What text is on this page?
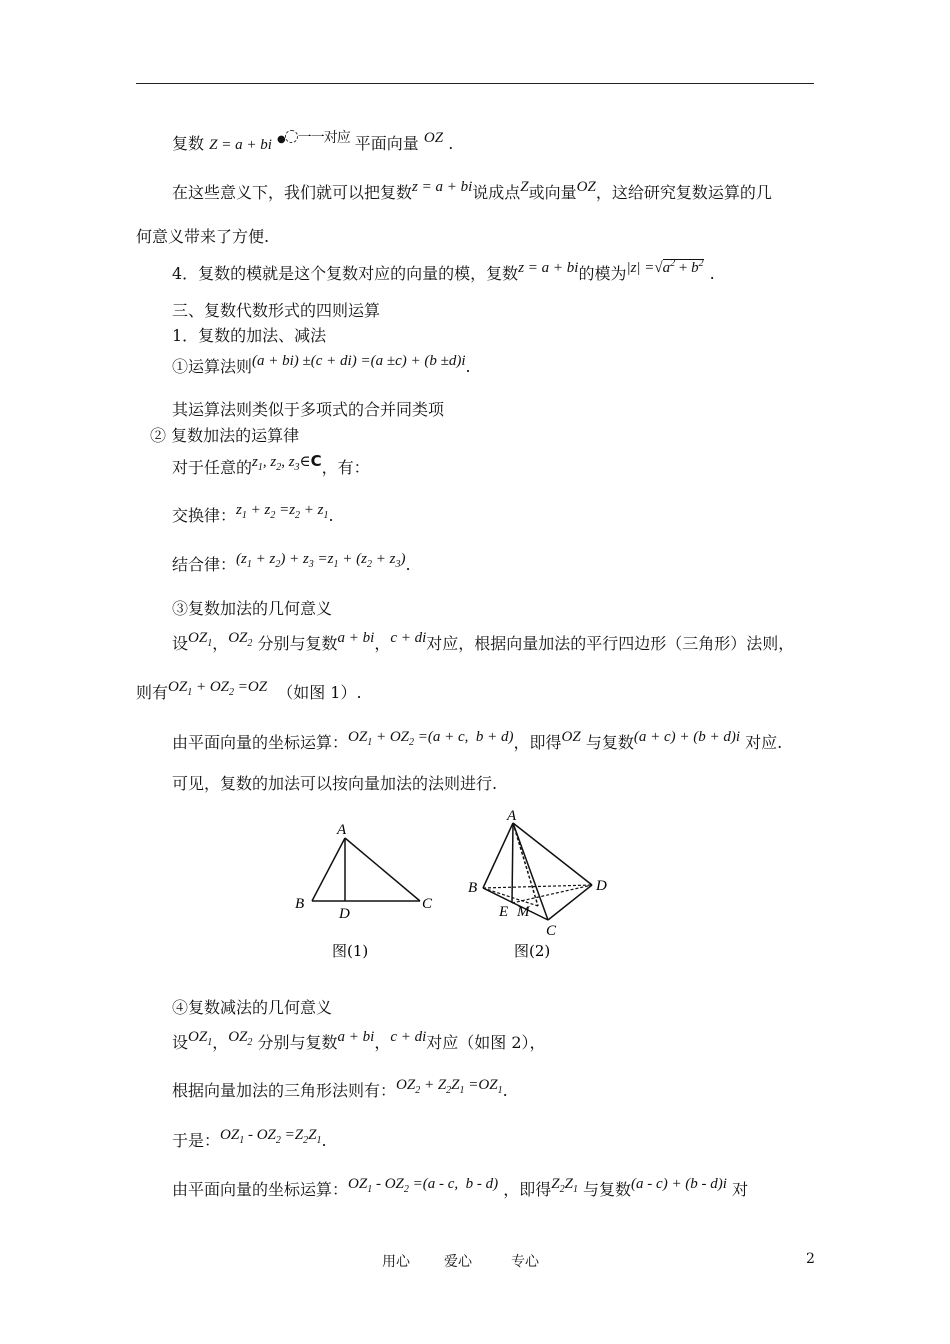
复数 Z = a + bi ● 一一对应 平面向量 OZ .
在这些意义下，我们就可以把复数z = a + bi说成点Z或向量OZ，这给研究复数运算的几
何意义带来了方便.
4．复数的模就是这个复数对应的向量的模，复数z = a + bi的模为$|z| =√a^2 + b^2$.
三、复数代数形式的四则运算
1．复数的加法、减法
①运算法则(a + bi) ±(c + di) =(a ±c) + (b ±d)i.
其运算法则类似于多项式的合并同类项
② 复数加法的运算律
对于任意的$z_1$, $z_2$, $z_3\in C$，有：
交换律：$z_1 + z_2 =z_2 + z_1$.
结合律：$(z_1 + z_2) + z_3 =z_1 + (z_2 + z_3)$.
③复数加法的几何意义
设$OZ_1$，$OZ_2$ 分别与复数a + bi，c + di对应，根据向量加法的平行四边形（三角形）法则，
则有$OZ_1 + OZ_2 =OZ$ （如图 1）.
由平面向量的坐标运算：$OZ_1 + OZ_2 =(a + c$,  b + d)，即得OZ 与复数(a + c) + (b + d)i 对应.
可见，复数的加法可以按向量加法的法则进行.
A
B	C
D
图(1)
A
B	D
E M
C
图(2)
④复数减法的几何意义
设$OZ_1$，$OZ_2$ 分别与复数a + bi，c + di对应（如图 2），
根据向量加法的三角形法则有：$OZ_2 + Z_2Z_1 =OZ_1$.
于是：$OZ_1 - OZ_2 =Z_2Z_1$.
由平面向量的坐标运算：$OZ_1 - OZ_2 =(a - c$,  b - d) ，即得$Z_2Z_1$ 与复数(a - c) + (b - d)i 对
用心 爱心	专心	2
